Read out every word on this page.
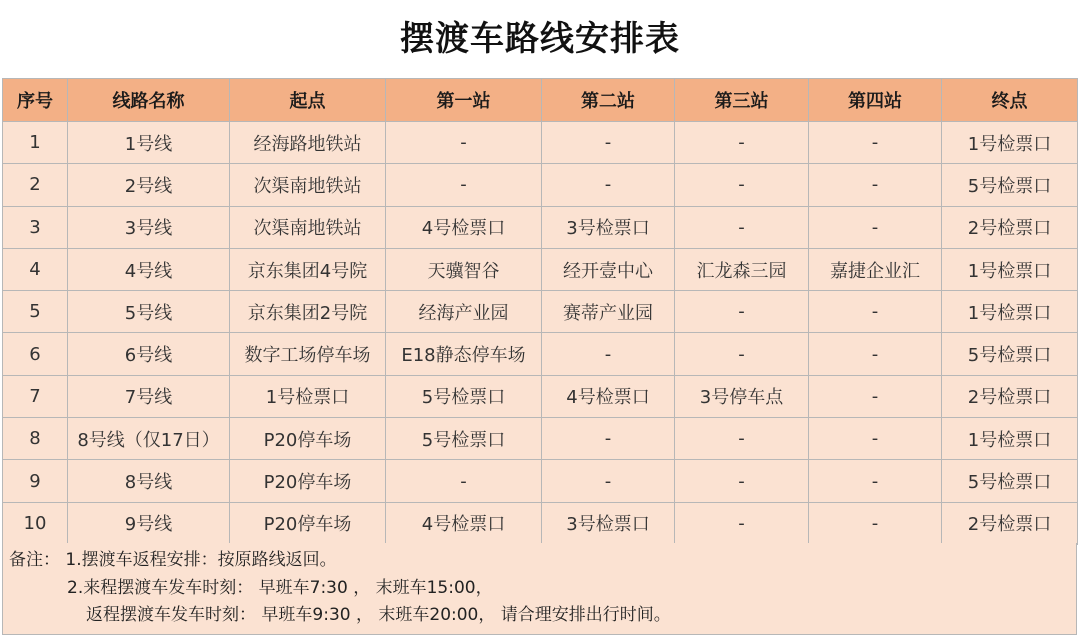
摆渡车路线安排表
序号	线路名称	起点	第一站	第二站	第三站	第四站	终点
1	1号线	经海路地铁站	-	-	-	-	1号检票口
2	2号线	次渠南地铁站	-	-	-	-	5号检票口
3	3号线	次渠南地铁站	4号检票口	3号检票口	-	-	2号检票口
4	4号线	京东集团4号院	天骥智谷	经开壹中心	汇龙森三园	嘉捷企业汇	1号检票口
5	5号线	京东集团2号院	经海产业园	赛蒂产业园	-	-	1号检票口
6	6号线	数字工场停车场	E18静态停车场	-	-	-	5号检票口
7	7号线	1号检票口	5号检票口	4号检票口	3号停车点	-	2号检票口
8	8号线（仅17日）	P20停车场	5号检票口	-	-	-	1号检票口
9	8号线	P20停车场	-	-	-	-	5号检票口
10	9号线	P20停车场	4号检票口	3号检票口	-	-	2号检票口
备注： 1.摆渡车返程安排：按原路线返回。
2.来程摆渡车发车时刻： 早班车7:30 ， 末班车15:00，
返程摆渡车发车时刻： 早班车9:30 ， 末班车20:00， 请合理安排出行时间。
